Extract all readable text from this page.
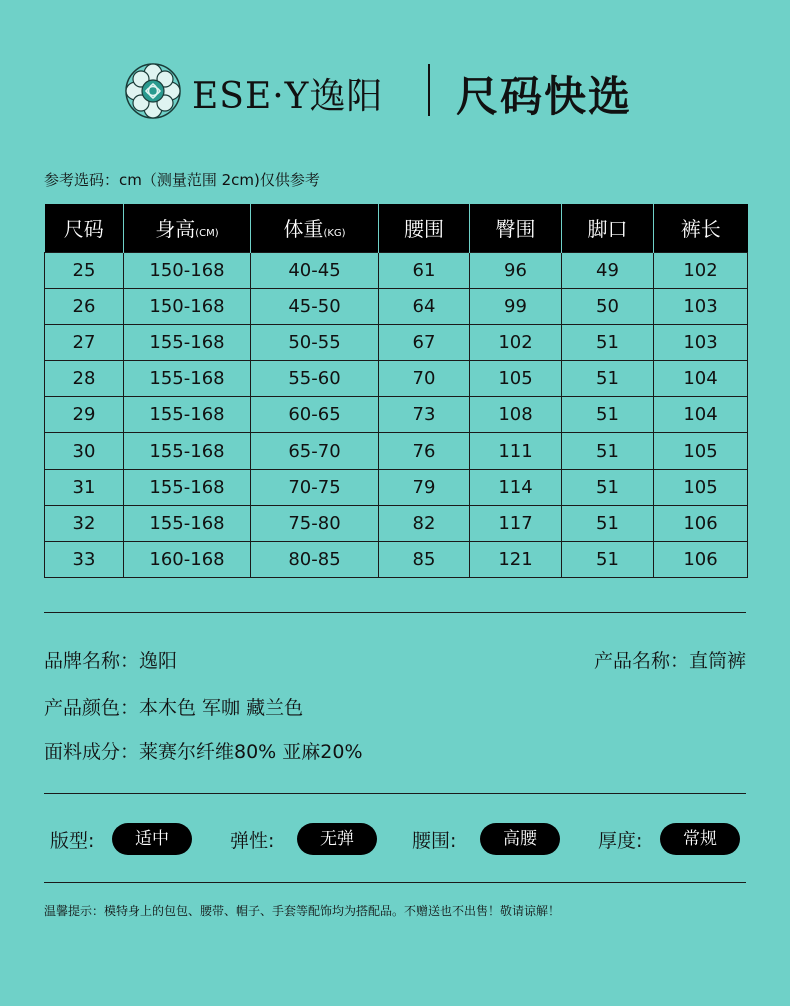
ESE·Y逸阳 尺码快选
参考选码：cm（测量范围 2cm)仅供参考
尺码	身高(CM)	体重(KG)	腰围	臀围	脚口	裤长
25	150-168	40-45	61	96	49	102
26	150-168	45-50	64	99	50	103
27	155-168	50-55	67	102	51	103
28	155-168	55-60	70	105	51	104
29	155-168	60-65	73	108	51	104
30	155-168	65-70	76	111	51	105
31	155-168	70-75	79	114	51	105
32	155-168	75-80	82	117	51	106
33	160-168	80-85	85	121	51	106
品牌名称：逸阳	产品名称：直筒裤
产品颜色：本木色 军咖 藏兰色
面料成分：莱赛尔纤维80% 亚麻20%
版型:	适中	弹性:	无弹	腰围:	高腰	厚度:	常规
温馨提示：模特身上的包包、腰带、帽子、手套等配饰均为搭配品。不赠送也不出售！敬请谅解！
